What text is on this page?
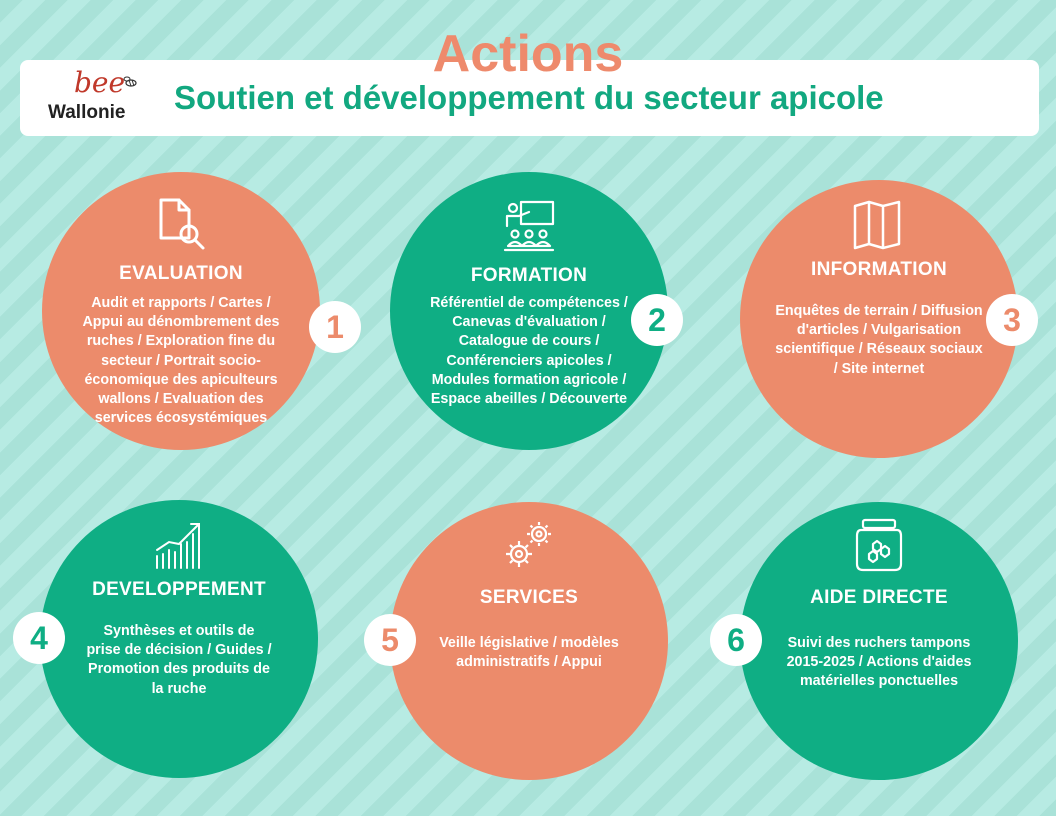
Actions
bee
Wallonie Soutien et développement du secteur apicole
EVALUATION
Audit et rapports / Cartes / Appui au dénombrement des ruches / Exploration fine du secteur / Portrait socio-économique des apiculteurs wallons / Evaluation des services écosystémiques
1
FORMATION
Référentiel de compétences / Canevas d'évaluation / Catalogue de cours / Conférenciers apicoles / Modules formation agricole / Espace abeilles / Découverte
2
INFORMATION
Enquêtes de terrain / Diffusion d'articles / Vulgarisation scientifique / Réseaux sociaux / Site internet
3
DEVELOPPEMENT
Synthèses et outils de prise de décision / Guides / Promotion des produits de la ruche
4
SERVICES
Veille législative / modèles administratifs / Appui
5
AIDE DIRECTE
Suivi des ruchers tampons 2015-2025 / Actions d'aides matérielles ponctuelles
6
